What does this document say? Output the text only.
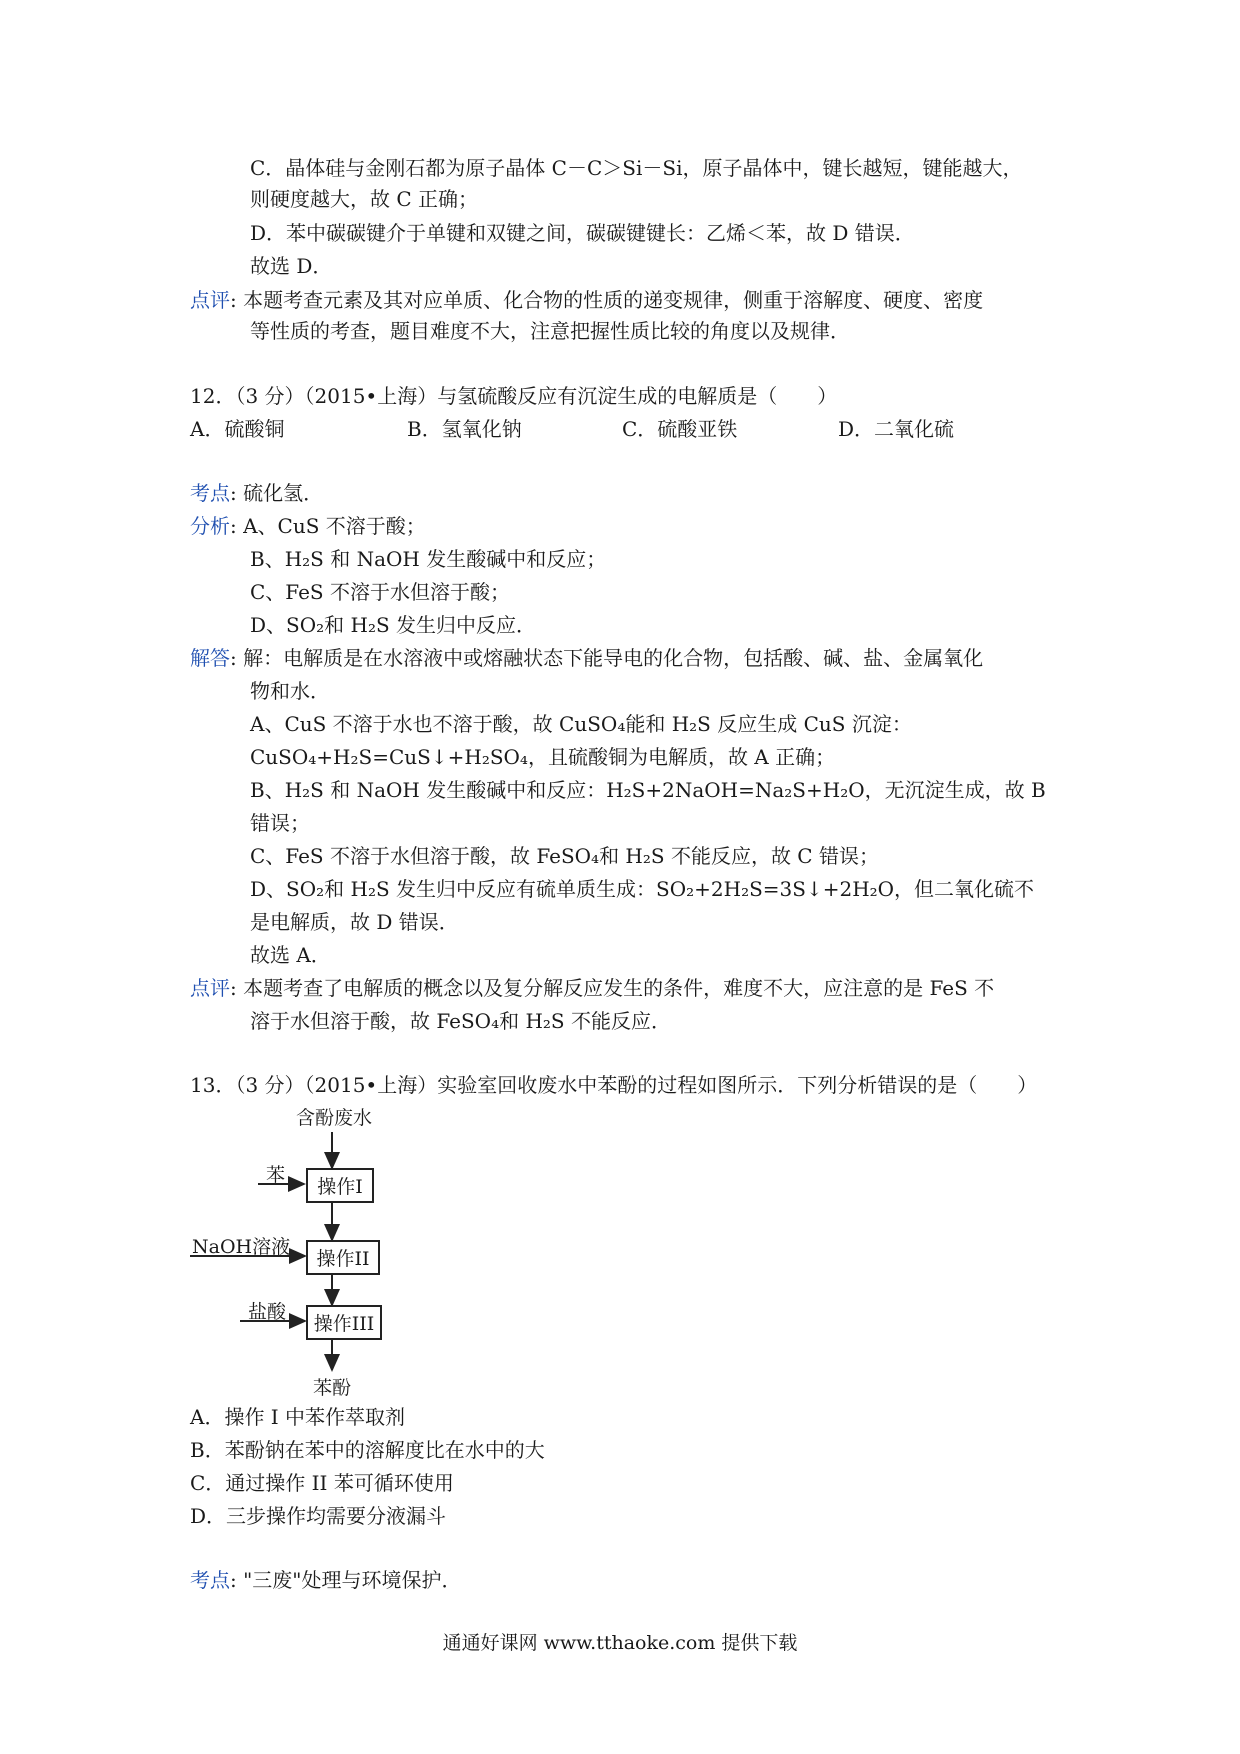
C．晶体硅与金刚石都为原子晶体 C－C＞Si－Si，原子晶体中，键长越短，键能越大，
则硬度越大，故 C 正确；
D．苯中碳碳键介于单键和双键之间，碳碳键键长：乙烯＜苯，故 D 错误．
故选 D．
点评: 本题考查元素及其对应单质、化合物的性质的递变规律，侧重于溶解度、硬度、密度
等性质的考查，题目难度不大，注意把握性质比较的角度以及规律．
12．（3 分）（2015•上海）与氢硫酸反应有沉淀生成的电解质是（　　）
A．硫酸铜	B．氢氧化钠	C．硫酸亚铁	D．二氧化硫
考点: 硫化氢．
分析: A、CuS 不溶于酸；
B、H₂S 和 NaOH 发生酸碱中和反应；
C、FeS 不溶于水但溶于酸；
D、SO₂和 H₂S 发生归中反应．
解答: 解：电解质是在水溶液中或熔融状态下能导电的化合物，包括酸、碱、盐、金属氧化
物和水．
A、CuS 不溶于水也不溶于酸，故 CuSO₄能和 H₂S 反应生成 CuS 沉淀：
CuSO₄+H₂S=CuS↓+H₂SO₄，且硫酸铜为电解质，故 A 正确；
B、H₂S 和 NaOH 发生酸碱中和反应：H₂S+2NaOH=Na₂S+H₂O，无沉淀生成，故 B
错误；
C、FeS 不溶于水但溶于酸，故 FeSO₄和 H₂S 不能反应，故 C 错误；
D、SO₂和 H₂S 发生归中反应有硫单质生成：SO₂+2H₂S=3S↓+2H₂O，但二氧化硫不
是电解质，故 D 错误．
故选 A．
点评: 本题考查了电解质的概念以及复分解反应发生的条件，难度不大，应注意的是 FeS 不
溶于水但溶于酸，故 FeSO₄和 H₂S 不能反应．
13．（3 分）（2015•上海）实验室回收废水中苯酚的过程如图所示．下列分析错误的是（　　）
含酚废水
苯
操作I
NaOH溶液
操作II
盐酸
操作III
苯酚
A．操作 I 中苯作萃取剂
B．苯酚钠在苯中的溶解度比在水中的大
C．通过操作 II 苯可循环使用
D．三步操作均需要分液漏斗
考点: "三废"处理与环境保护．
通通好课网 www.tthaoke.com 提供下载
